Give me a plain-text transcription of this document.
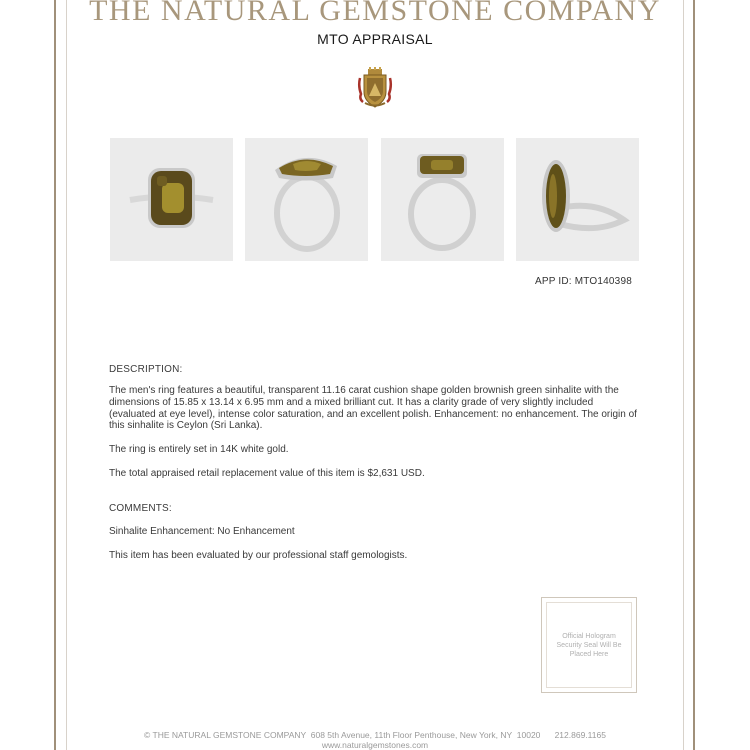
THE NATURAL GEMSTONE COMPANY
MTO APPRAISAL
APP ID: MTO140398
DESCRIPTION:
The men's ring features a beautiful, transparent 11.16 carat cushion shape golden brownish green sinhalite with the dimensions of 15.85 x 13.14 x 6.95 mm and a mixed brilliant cut. It has a clarity grade of very slightly included (evaluated at eye level), intense color saturation, and an excellent polish. Enhancement: no enhancement. The origin of this sinhalite is Ceylon (Sri Lanka).
The ring is entirely set in 14K white gold.
The total appraised retail replacement value of this item is $2,631 USD.
COMMENTS:
Sinhalite Enhancement: No Enhancement
This item has been evaluated by our professional staff gemologists.
Official Hologram Security Seal Will Be Placed Here
© THE NATURAL GEMSTONE COMPANY  608 5th Avenue, 11th Floor Penthouse, New York, NY  10020      212.869.1165
www.naturalgemstones.com
